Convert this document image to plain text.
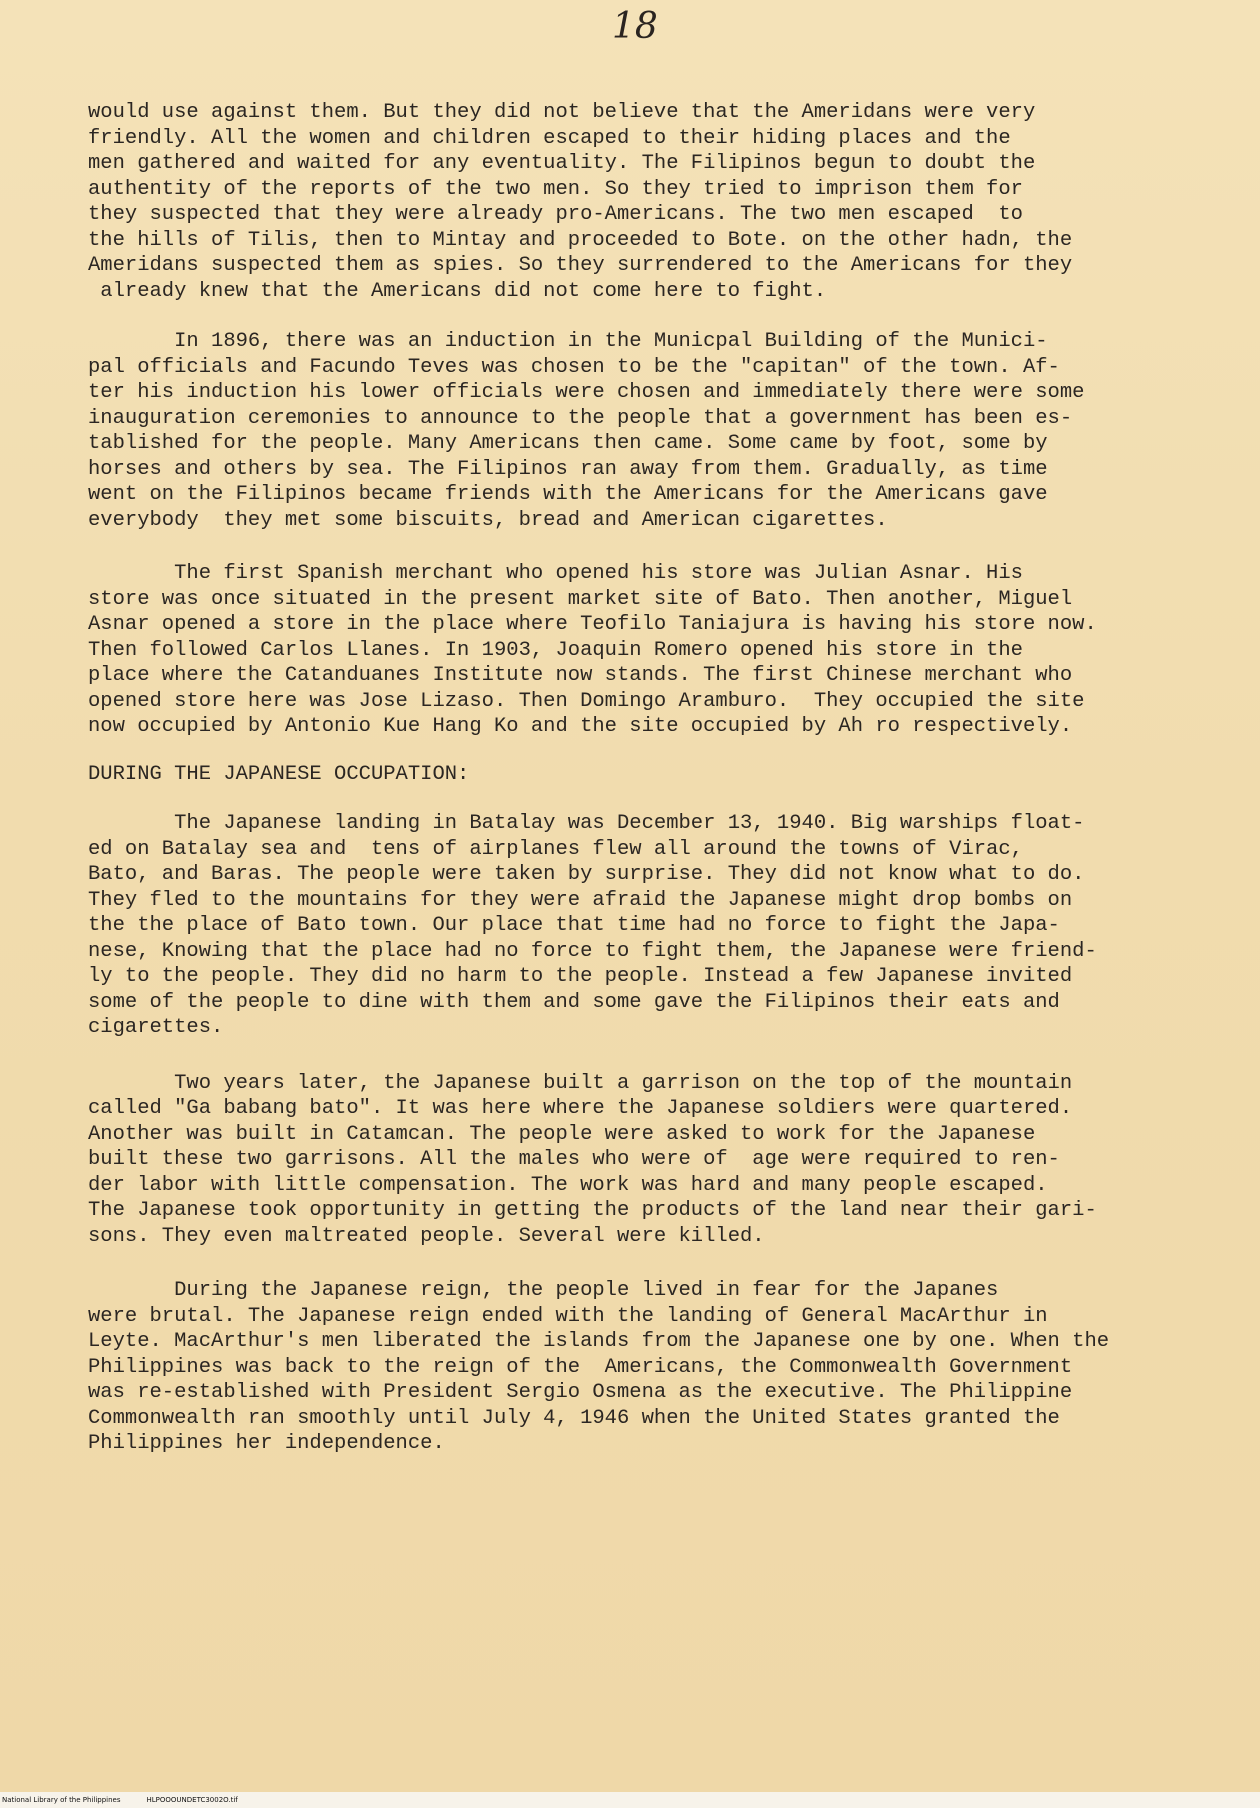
18
would use against them. But they did not believe that the Ameridans were very
friendly. All the women and children escaped to their hiding places and the
men gathered and waited for any eventuality. The Filipinos begun to doubt the
authentity of the reports of the two men. So they tried to imprison them for
they suspected that they were already pro-Americans. The two men escaped  to
the hills of Tilis, then to Mintay and proceeded to Bote. on the other hadn, the
Ameridans suspected them as spies. So they surrendered to the Americans for they
already knew that the Americans did not come here to fight.
In 1896, there was an induction in the Municpal Building of the Munici-
pal officials and Facundo Teves was chosen to be the "capitan" of the town. Af-
ter his induction his lower officials were chosen and immediately there were some
inauguration ceremonies to announce to the people that a government has been es-
tablished for the people. Many Americans then came. Some came by foot, some by
horses and others by sea. The Filipinos ran away from them. Gradually, as time
went on the Filipinos became friends with the Americans for the Americans gave
everybody  they met some biscuits, bread and American cigarettes.
The first Spanish merchant who opened his store was Julian Asnar. His
store was once situated in the present market site of Bato. Then another, Miguel
Asnar opened a store in the place where Teofilo Taniajura is having his store now.
Then followed Carlos Llanes. In 1903, Joaquin Romero opened his store in the
place where the Catanduanes Institute now stands. The first Chinese merchant who
opened store here was Jose Lizaso. Then Domingo Aramburo.  They occupied the site
now occupied by Antonio Kue Hang Ko and the site occupied by Ah ro respectively.
DURING THE JAPANESE OCCUPATION:
The Japanese landing in Batalay was December 13, 1940. Big warships float-
ed on Batalay sea and  tens of airplanes flew all around the towns of Virac,
Bato, and Baras. The people were taken by surprise. They did not know what to do.
They fled to the mountains for they were afraid the Japanese might drop bombs on
the the place of Bato town. Our place that time had no force to fight the Japa-
nese, Knowing that the place had no force to fight them, the Japanese were friend-
ly to the people. They did no harm to the people. Instead a few Japanese invited
some of the people to dine with them and some gave the Filipinos their eats and
cigarettes.
Two years later, the Japanese built a garrison on the top of the mountain
called "Ga babang bato". It was here where the Japanese soldiers were quartered.
Another was built in Catamcan. The people were asked to work for the Japanese
built these two garrisons. All the males who were of  age were required to ren-
der labor with little compensation. The work was hard and many people escaped.
The Japanese took opportunity in getting the products of the land near their gari-
sons. They even maltreated people. Several were killed.
During the Japanese reign, the people lived in fear for the Japanes
were brutal. The Japanese reign ended with the landing of General MacArthur in
Leyte. MacArthur's men liberated the islands from the Japanese one by one. When the
Philippines was back to the reign of the  Americans, the Commonwealth Government
was re-established with President Sergio Osmena as the executive. The Philippine
Commonwealth ran smoothly until July 4, 1946 when the United States granted the
Philippines her independence.
National Library of the Philippines	HLPOOOUNDETC3002O.tif
